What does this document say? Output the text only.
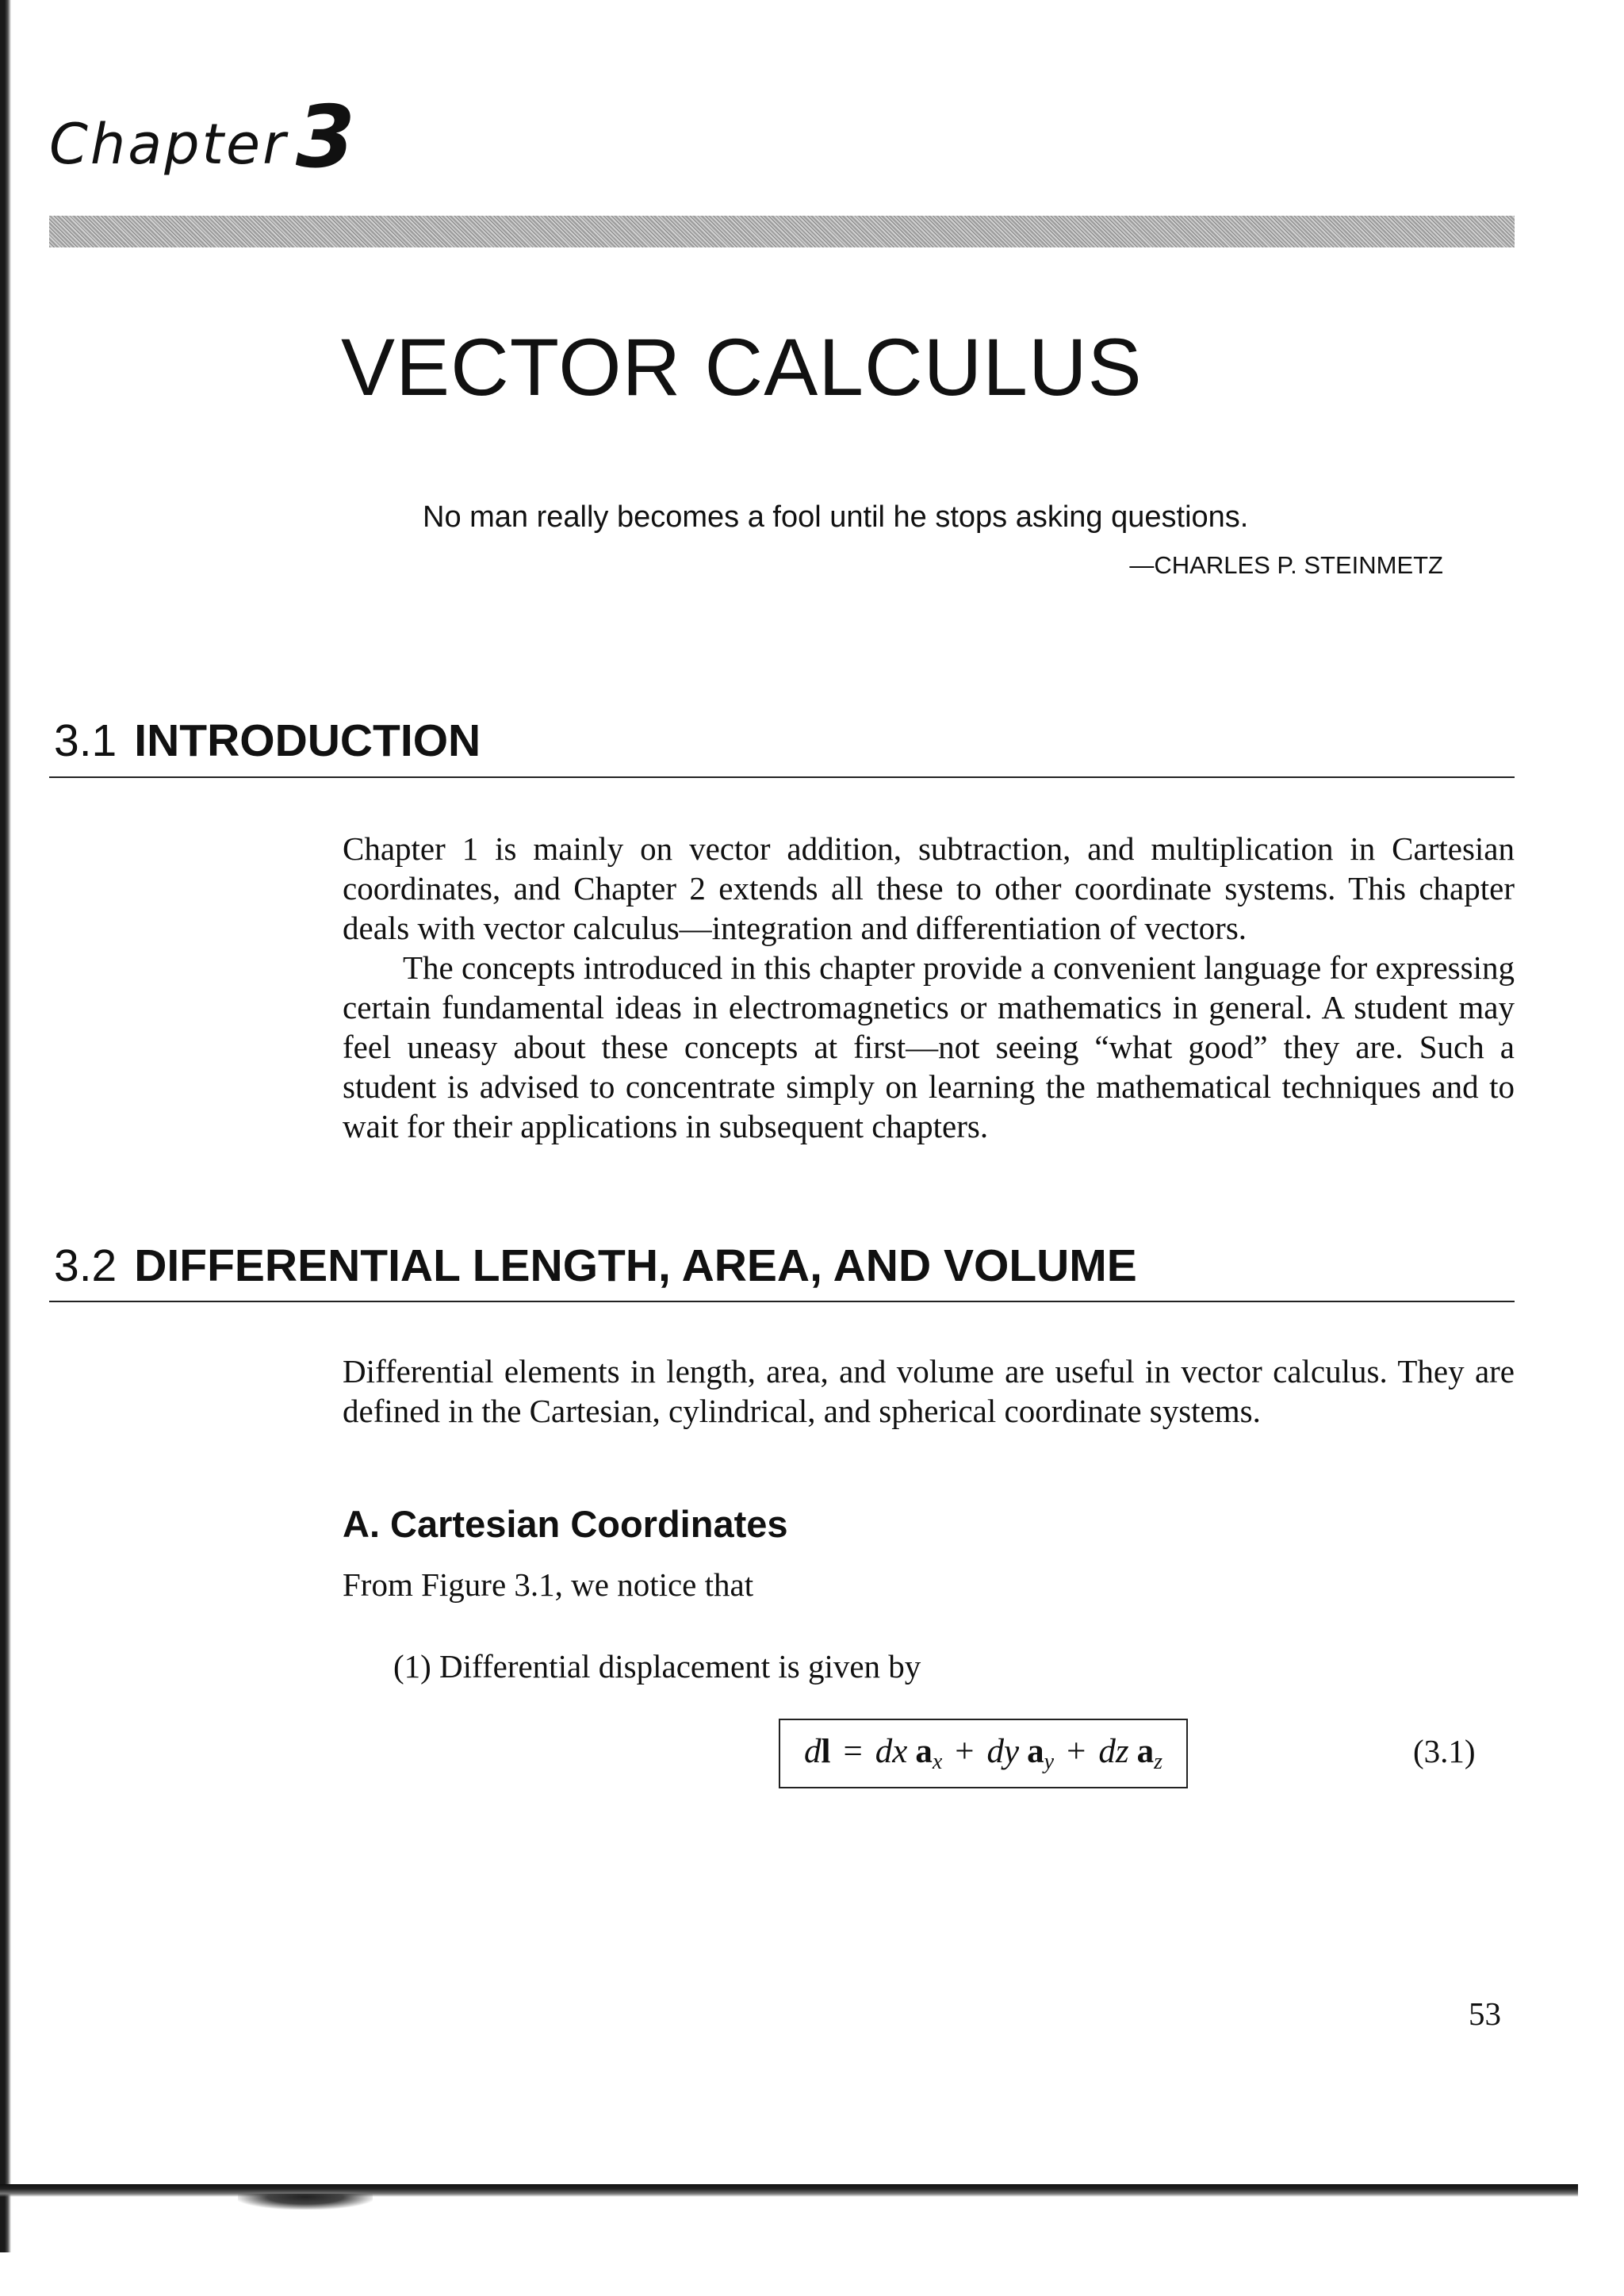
Chapter3
VECTOR CALCULUS

No man really becomes a fool until he stops asking questions.

—CHARLES P. STEINMETZ

3.1 INTRODUCTION

Chapter 1 is mainly on vector addition, subtraction, and multiplication in Cartesian coordinates, and Chapter 2 extends all these to other coordinate systems. This chapter deals with vector calculus—integration and differentiation of vectors.

The concepts introduced in this chapter provide a convenient language for expressing certain fundamental ideas in electromagnetics or mathematics in general. A student may feel uneasy about these concepts at first—not seeing “what good” they are. Such a student is advised to concentrate simply on learning the mathematical techniques and to wait for their applications in subsequent chapters.

3.2 DIFFERENTIAL LENGTH, AREA, AND VOLUME

Differential elements in length, area, and volume are useful in vector calculus. They are defined in the Cartesian, cylindrical, and spherical coordinate systems.

A. Cartesian Coordinates

From Figure 3.1, we notice that

(1) Differential displacement is given by

dl = dx $a_x$ + dy $a_y$ + dz $a_z$	(3.1)

53
